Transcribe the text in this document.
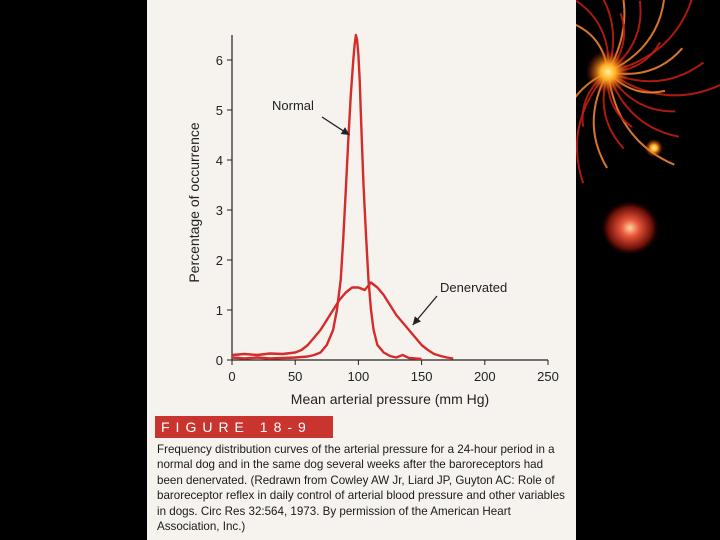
0	50	100	150	200	250
0
1
2
3
4
5
6
Mean arterial pressure (mm Hg)
Percentage of occurrence
Normal
Denervated
FIGURE 18-9
Frequency distribution curves of the arterial pressure for a 24-hour period in a normal dog and in the same dog several weeks after the baroreceptors had been denervated. (Redrawn from Cowley AW Jr, Liard JP, Guyton AC: Role of baroreceptor reflex in daily control of arterial blood pressure and other variables in dogs. Circ Res 32:564, 1973. By permission of the American Heart Association, Inc.)
